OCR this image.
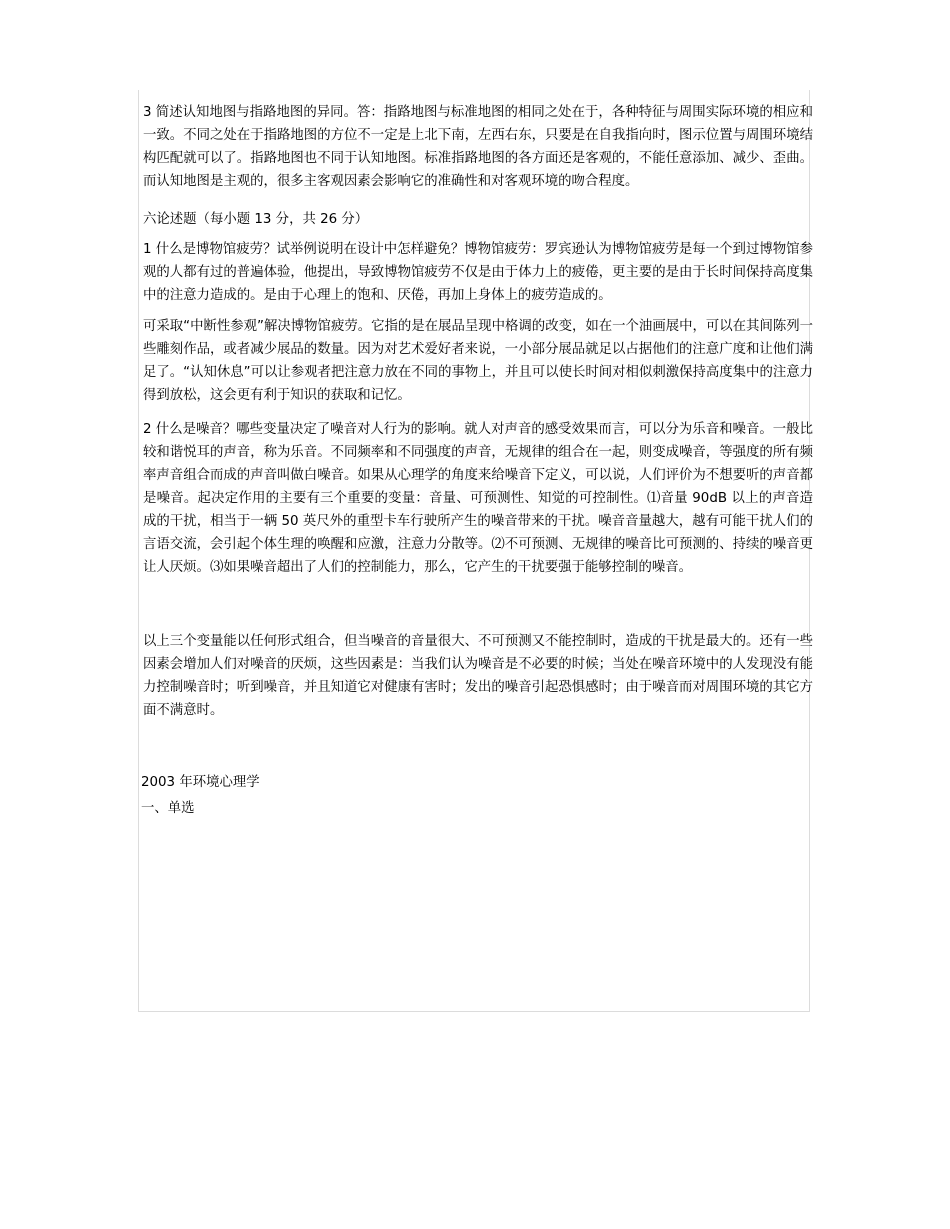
3 简述认知地图与指路地图的异同。答：指路地图与标准地图的相同之处在于，各种特征与周围实际环境的相应和一致。不同之处在于指路地图的方位不一定是上北下南，左西右东，只要是在自我指向时，图示位置与周围环境结构匹配就可以了。指路地图也不同于认知地图。标准指路地图的各方面还是客观的，不能任意添加、减少、歪曲。而认知地图是主观的，很多主客观因素会影响它的准确性和对客观环境的吻合程度。

六论述题（每小题 13 分，共 26 分）

1 什么是博物馆疲劳？试举例说明在设计中怎样避免？博物馆疲劳：罗宾逊认为博物馆疲劳是每一个到过博物馆参观的人都有过的普遍体验，他提出，导致博物馆疲劳不仅是由于体力上的疲倦，更主要的是由于长时间保持高度集中的注意力造成的。是由于心理上的饱和、厌倦，再加上身体上的疲劳造成的。

可采取“中断性参观”解决博物馆疲劳。它指的是在展品呈现中格调的改变，如在一个油画展中，可以在其间陈列一些雕刻作品，或者减少展品的数量。因为对艺术爱好者来说，一小部分展品就足以占据他们的注意广度和让他们满足了。“认知休息”可以让参观者把注意力放在不同的事物上，并且可以使长时间对相似刺激保持高度集中的注意力得到放松，这会更有利于知识的获取和记忆。

2 什么是噪音？哪些变量决定了噪音对人行为的影响。就人对声音的感受效果而言，可以分为乐音和噪音。一般比较和谐悦耳的声音，称为乐音。不同频率和不同强度的声音，无规律的组合在一起，则变成噪音，等强度的所有频率声音组合而成的声音叫做白噪音。如果从心理学的角度来给噪音下定义，可以说，人们评价为不想要听的声音都是噪音。起决定作用的主要有三个重要的变量：音量、可预测性、知觉的可控制性。⑴音量 90dB 以上的声音造成的干扰，相当于一辆 50 英尺外的重型卡车行驶所产生的噪音带来的干扰。噪音音量越大，越有可能干扰人们的言语交流，会引起个体生理的唤醒和应激，注意力分散等。⑵不可预测、无规律的噪音比可预测的、持续的噪音更让人厌烦。⑶如果噪音超出了人们的控制能力，那么，它产生的干扰要强于能够控制的噪音。

以上三个变量能以任何形式组合，但当噪音的音量很大、不可预测又不能控制时，造成的干扰是最大的。还有一些因素会增加人们对噪音的厌烦，这些因素是：当我们认为噪音是不必要的时候；当处在噪音环境中的人发现没有能力控制噪音时；听到噪音，并且知道它对健康有害时；发出的噪音引起恐惧感时；由于噪音而对周围环境的其它方面不满意时。

2003 年环境心理学

一、单选
